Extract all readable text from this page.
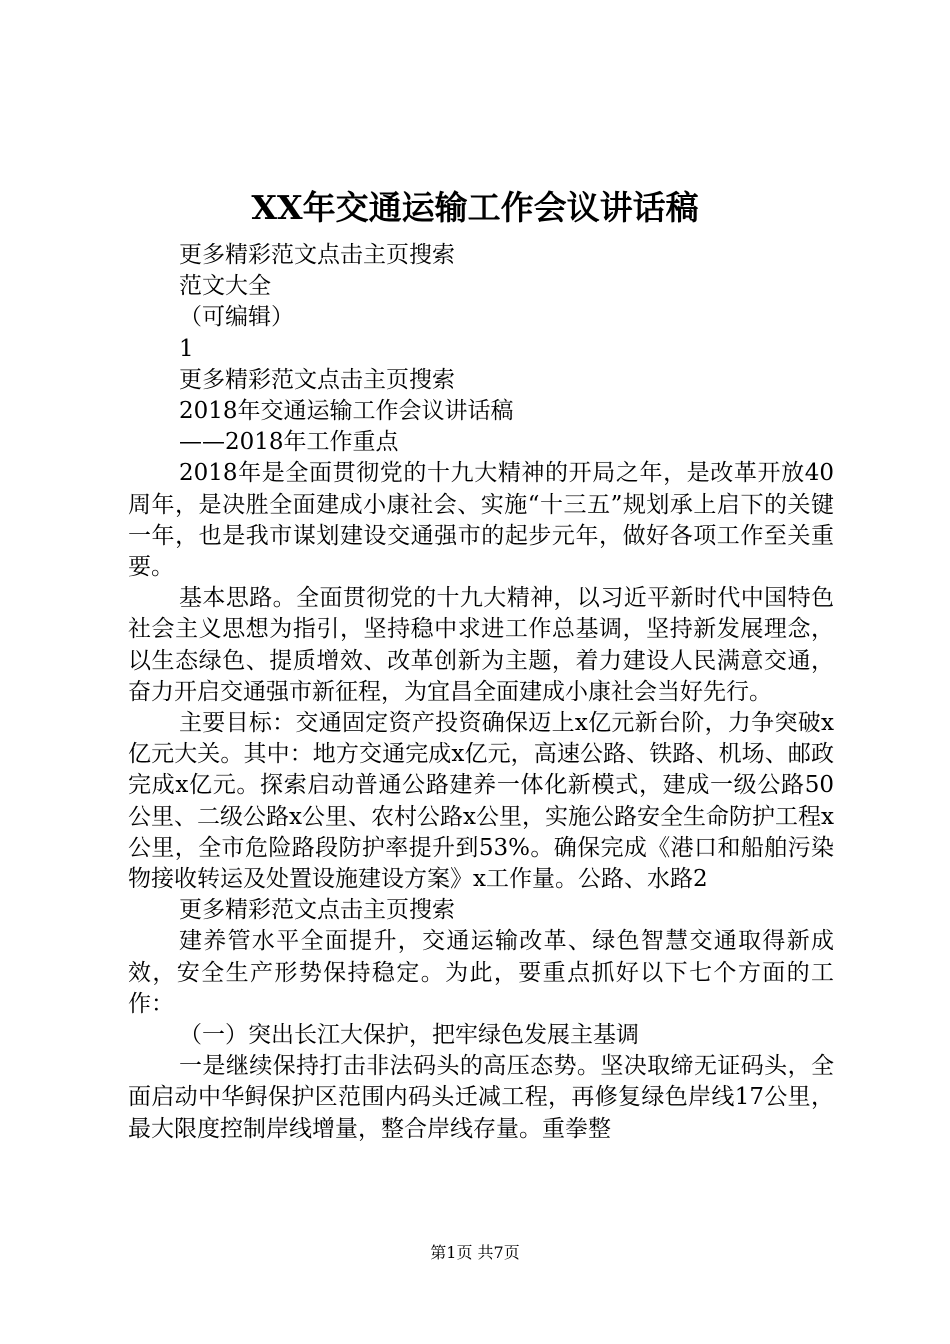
XX年交通运输工作会议讲话稿

更多精彩范文点击主页搜索

范文大全

（可编辑）

1

更多精彩范文点击主页搜索

2018年交通运输工作会议讲话稿

——2018年工作重点

2018年是全面贯彻党的十九大精神的开局之年，是改革开放40周年，是决胜全面建成小康社会、实施“十三五”规划承上启下的关键一年，也是我市谋划建设交通强市的起步元年，做好各项工作至关重要。

基本思路。全面贯彻党的十九大精神，以习近平新时代中国特色社会主义思想为指引，坚持稳中求进工作总基调，坚持新发展理念，以生态绿色、提质增效、改革创新为主题，着力建设人民满意交通，奋力开启交通强市新征程，为宜昌全面建成小康社会当好先行。

主要目标：交通固定资产投资确保迈上x亿元新台阶，力争突破x亿元大关。其中：地方交通完成x亿元，高速公路、铁路、机场、邮政完成x亿元。探索启动普通公路建养一体化新模式，建成一级公路50公里、二级公路x公里、农村公路x公里，实施公路安全生命防护工程x公里，全市危险路段防护率提升到53%。确保完成《港口和船舶污染物接收转运及处置设施建设方案》x工作量。公路、水路2

更多精彩范文点击主页搜索

建养管水平全面提升，交通运输改革、绿色智慧交通取得新成效，安全生产形势保持稳定。为此，要重点抓好以下七个方面的工作：

（一）突出长江大保护，把牢绿色发展主基调

一是继续保持打击非法码头的高压态势。坚决取缔无证码头，全面启动中华鲟保护区范围内码头迁减工程，再修复绿色岸线17公里，最大限度控制岸线增量，整合岸线存量。重拳整

第1页 共7页
